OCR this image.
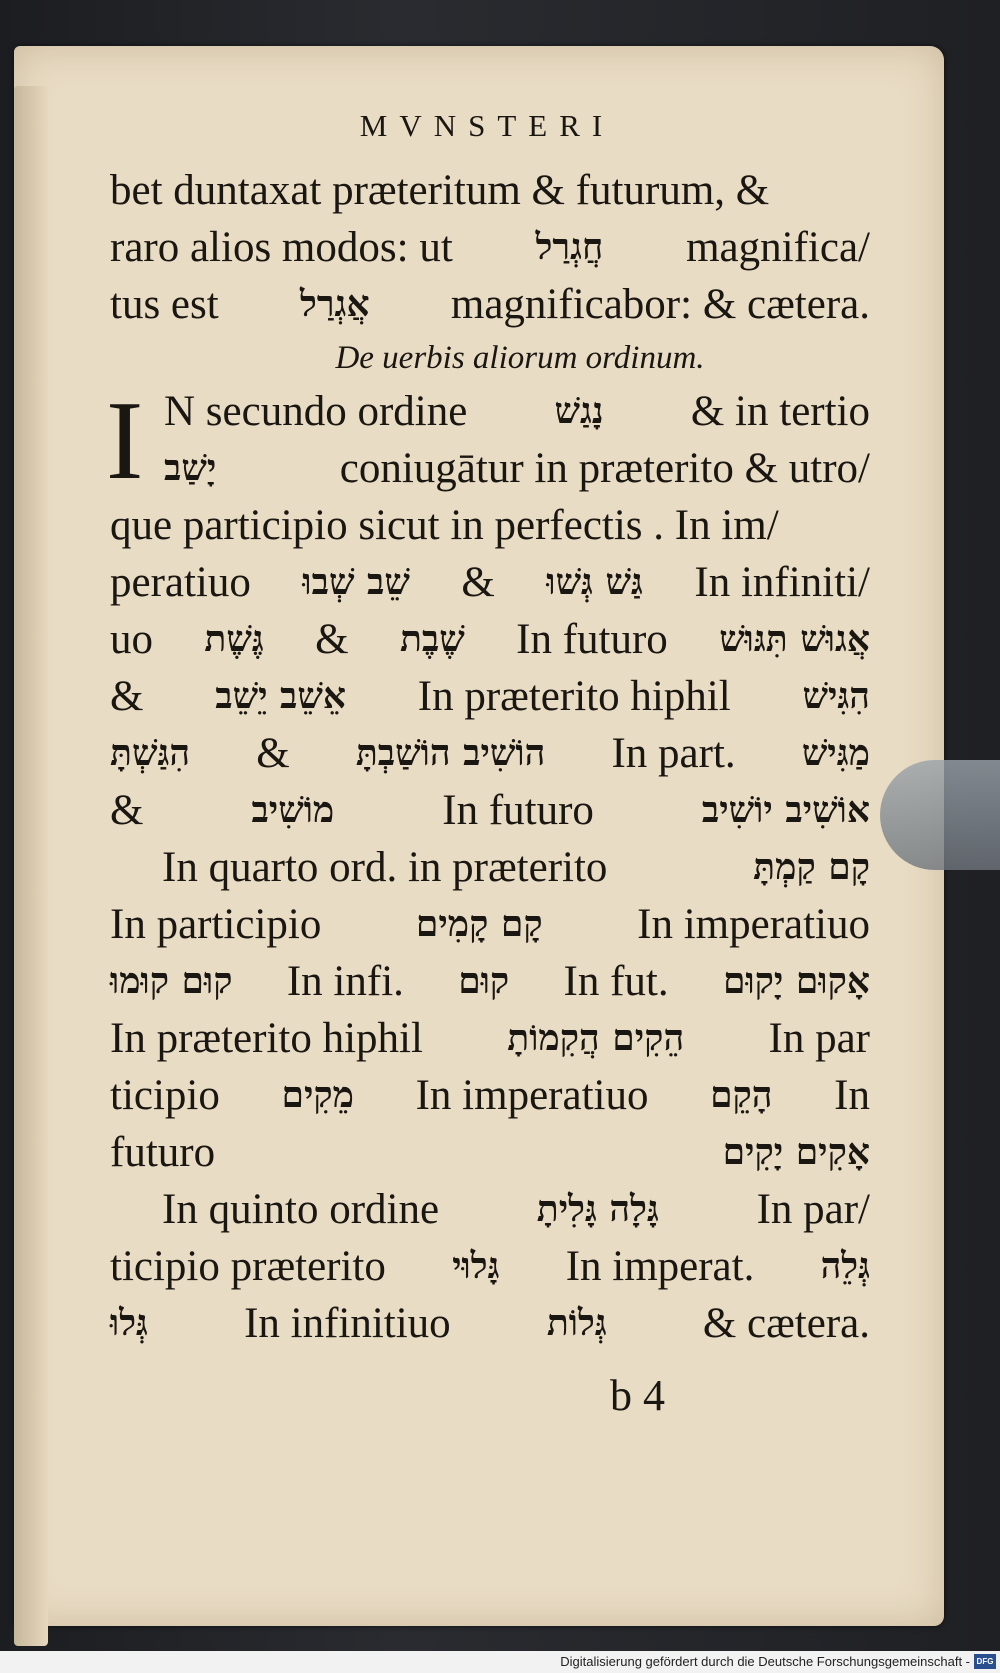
MVNSTERI
bet duntaxat præteritum & futurum, &
raro alios modos: ut חֲגְרַל magnifica/
tus est אֲגְרַל magnificabor: & cætera.
De uerbis aliorum ordinum.
I N secundo ordine נָגַשׁ & in tertio
יָשַׁב	coniugātur in præterito & utro/
que participio sicut in perfectis . In im/
peratiuo שֵׁב שְׁבוּ & גַּשׁ גְּשׁוּ In infiniti/
uo גֶּשֶׁת & שֶׁבֶת In futuro אֲגוּשׁ תִּגּוּשׁ
& אֵשֵׁב יֵשֵׁב In præterito hiphil הִגִּישׁ
הִגַּשְׁתָּ & הוֹשִׁיב הוֹשַׁבְתָּ In part. מַגִּישׁ
&	מוֹשִׁיב	In futuro	אוֹשִׁיב יוֹשִׁיב
In quarto ord. in præterito	קָם קַמְתָּ
In participio	קָם קָמִים In imperatiuo
קוּם קוּמוּ In infi. קוּם In fut. אָקוּם יָקוּם
In præterito hiphil הֵקִים הֲקִמוֹתָ In par
ticipio מֵקִים In imperatiuo הָקֵם In
futuro	אָקִים יָקִים
In quinto ordine	גָּלָה גָּלִיתָ In par/
ticipio præterito גָּלוּי In imperat. גְּלֵה
גְּלוּ In infinitiuo	גְּלוֹת & cætera.
b 4
Digitalisierung gefördert durch die Deutsche Forschungsgemeinschaft - DFG
